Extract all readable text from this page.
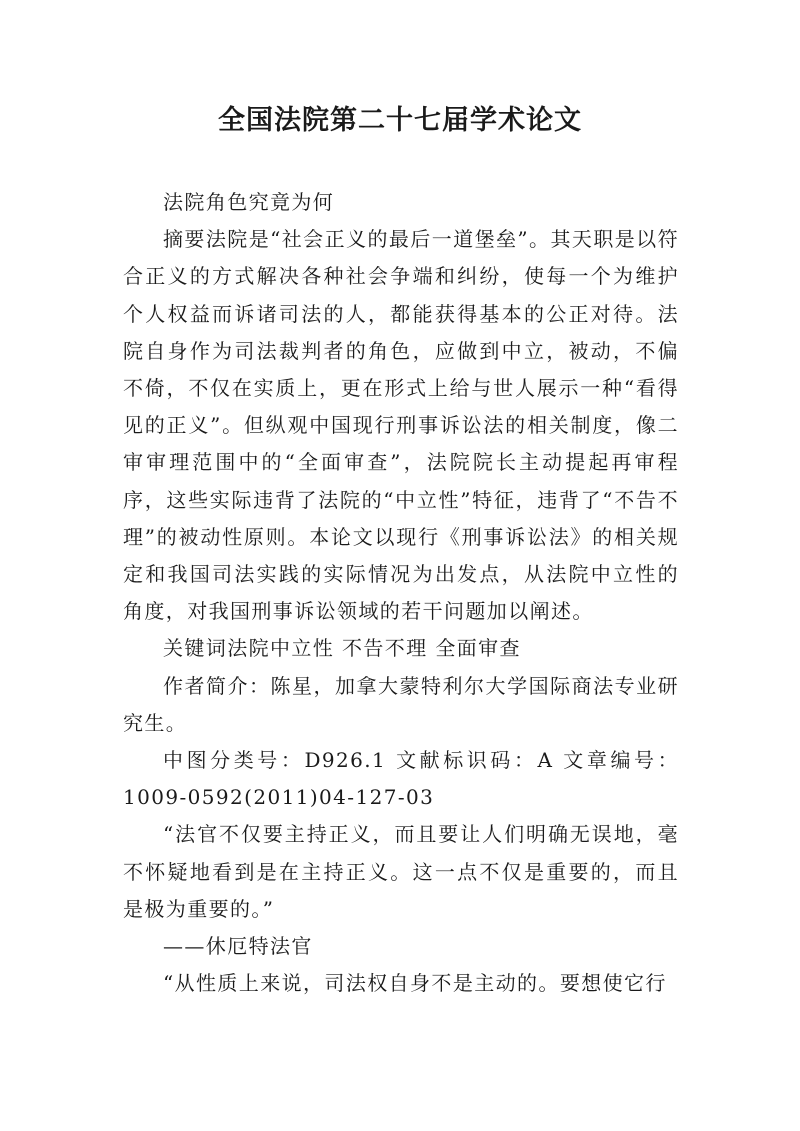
全国法院第二十七届学术论文

法院角色究竟为何

摘要法院是“社会正义的最后一道堡垒”。其天职是以符合正义的方式解决各种社会争端和纠纷，使每一个为维护个人权益而诉诸司法的人，都能获得基本的公正对待。法院自身作为司法裁判者的角色，应做到中立，被动，不偏不倚，不仅在实质上，更在形式上给与世人展示一种“看得见的正义”。但纵观中国现行刑事诉讼法的相关制度，像二审审理范围中的“全面审查”，法院院长主动提起再审程序，这些实际违背了法院的“中立性”特征，违背了“不告不理”的被动性原则。本论文以现行《刑事诉讼法》的相关规定和我国司法实践的实际情况为出发点，从法院中立性的角度，对我国刑事诉讼领域的若干问题加以阐述。

关键词法院中立性 不告不理 全面审查

作者简介：陈星，加拿大蒙特利尔大学国际商法专业研究生。

中图分类号：D926.1 文献标识码：A 文章编号：1009-0592(2011)04-127-03

“法官不仅要主持正义，而且要让人们明确无误地，毫不怀疑地看到是在主持正义。这一点不仅是重要的，而且是极为重要的。”

——休厄特法官

“从性质上来说，司法权自身不是主动的。要想使它行
